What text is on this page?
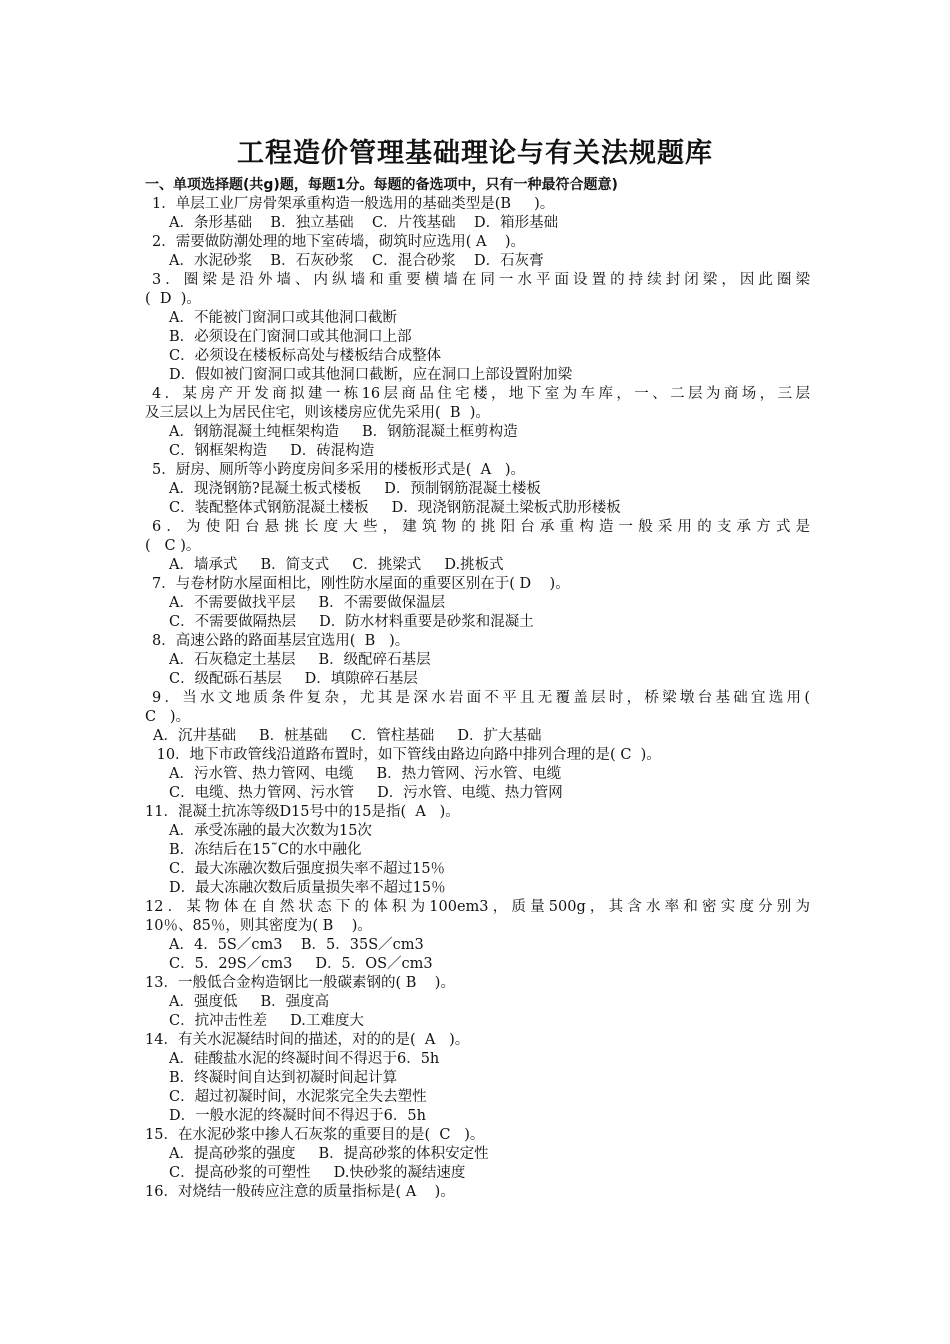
工程造价管理基础理论与有关法规题库
一、单项选择题(共g)题，每题1分。每题的备选项中，只有一种最符合题意)
1．单层工业厂房骨架承重构造一般选用的基础类型是(B     )。
A．条形基础    B．独立基础    C．片筏基础    D．箱形基础
2．需要做防潮处理的地下室砖墙，砌筑时应选用( A    )。
A．水泥砂浆    B．石灰砂浆    C．混合砂浆    D．石灰膏
3．圈梁是沿外墙、内纵墙和重要横墙在同一水平面设置的持续封闭梁，因此圈梁
(  D  )。
A．不能被门窗洞口或其他洞口截断
B．必须设在门窗洞口或其他洞口上部
C．必须设在楼板标高处与楼板结合成整体
D．假如被门窗洞口或其他洞口截断，应在洞口上部设置附加梁
4．某房产开发商拟建一栋16层商品住宅楼，地下室为车库，一、二层为商场，三层
及三层以上为居民住宅，则该楼房应优先采用(  B  )。
A．钢筋混凝土纯框架构造     B．钢筋混凝土框剪构造
C．钢框架构造     D．砖混构造
5．厨房、厕所等小跨度房间多采用的楼板形式是(  A   )。
A．现浇钢筋?昆凝土板式楼板     D．预制钢筋混凝土楼板
C．装配整体式钢筋混凝土楼板     D．现浇钢筋混凝土梁板式肋形楼板
6．为使阳台悬挑长度大些，建筑物的挑阳台承重构造一般采用的支承方式是
(   C )。
A．墙承式     B．简支式     C．挑梁式     D.挑板式
7．与卷材防水屋面相比，刚性防水屋面的重要区别在于( D    )。
A．不需要做找平层     B．不需要做保温层
C．不需要做隔热层     D．防水材料重要是砂浆和混凝土
8．高速公路的路面基层宜选用(  B   )。
A．石灰稳定土基层     B．级配碎石基层
C．级配砾石基层     D．填隙碎石基层
9．当水文地质条件复杂，尤其是深水岩面不平且无覆盖层时，桥梁墩台基础宜选用(
C   )。
A．沉井基础     B．桩基础     C．管柱基础     D．扩大基础
10．地下市政管线沿道路布置时，如下管线由路边向路中排列合理的是( C  )。
A．污水管、热力管网、电缆     B．热力管网、污水管、电缆
C．电缆、热力管网、污水管     D．污水管、电缆、热力管网
11．混凝土抗冻等级D15号中的15是指(  A   )。
A．承受冻融的最大次数为15次
B．冻结后在15˜C的水中融化
C．最大冻融次数后强度损失率不超过15％
D．最大冻融次数后质量损失率不超过15％
12．某物体在自然状态下的体积为100em3，质量500g，其含水率和密实度分别为
10％、85％，则其密度为( B    )。
A．4．5S／cm3    B．5．35S／cm3
C．5．29S／cm3     D．5．OS／cm3
13．一般低合金构造钢比一般碳素钢的( B    )。
A．强度低     B．强度高
C．抗冲击性差     D.工难度大
14．有关水泥凝结时间的描述，对的的是(  A   )。
A．硅酸盐水泥的终凝时间不得迟于6．5h
B．终凝时间自达到初凝时间起计算
C．超过初凝时间，水泥浆完全失去塑性
D．一般水泥的终凝时间不得迟于6．5h
15．在水泥砂浆中掺人石灰浆的重要目的是(  C   )。
A．提高砂浆的强度     B．提高砂浆的体积安定性
C．提高砂浆的可塑性     D.快砂浆的凝结速度
16．对烧结一般砖应注意的质量指标是( A    )。
